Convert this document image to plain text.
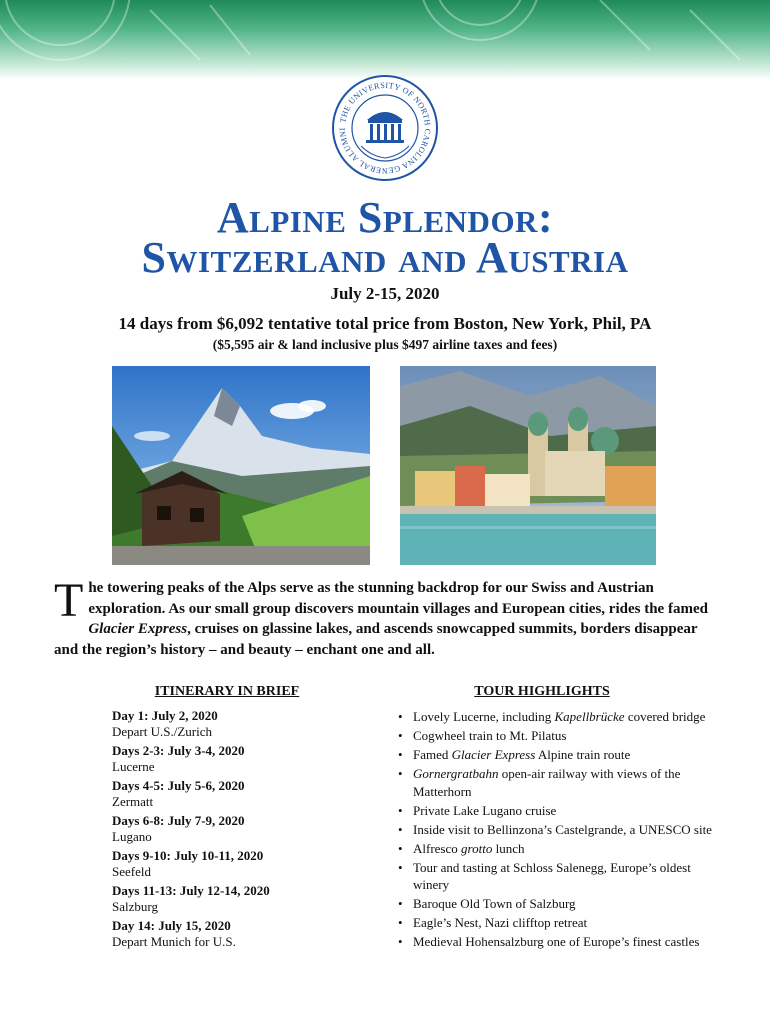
THE UNIVERSITY OF NORTH CAROLINA GENERAL ALUMNI
Alpine Splendor:
Switzerland and Austria
July 2-15, 2020
14 days from $6,092 tentative total price from Boston, New York, Phil, PA
($5,595 air & land inclusive plus $497 airline taxes and fees)
The towering peaks of the Alps serve as the stunning backdrop for our Swiss and Austrian exploration. As our small group discovers mountain villages and European cities, rides the famed Glacier Express, cruises on glassine lakes, and ascends snowcapped summits, borders disappear and the region’s history – and beauty – enchant one and all.
ITINERARY IN BRIEF	TOUR HIGHLIGHTS
Day 1: July 2, 2020
Depart U.S./Zurich
Days 2-3: July 3-4, 2020
Lucerne
Days 4-5: July 5-6, 2020
Zermatt
Days 6-8: July 7-9, 2020
Lugano
Days 9-10: July 10-11, 2020
Seefeld
Days 11-13: July 12-14, 2020
Salzburg
Day 14: July 15, 2020
Depart Munich for U.S.
• Lovely Lucerne, including Kapellbrücke covered bridge
• Cogwheel train to Mt. Pilatus
• Famed Glacier Express Alpine train route
• Gornergratbahn open-air railway with views of the Matterhorn
• Private Lake Lugano cruise
• Inside visit to Bellinzona’s Castelgrande, a UNESCO site
• Alfresco grotto lunch
• Tour and tasting at Schloss Salenegg, Europe’s oldest winery
• Baroque Old Town of Salzburg
• Eagle’s Nest, Nazi clifftop retreat
• Medieval Hohensalzburg one of Europe’s finest castles
